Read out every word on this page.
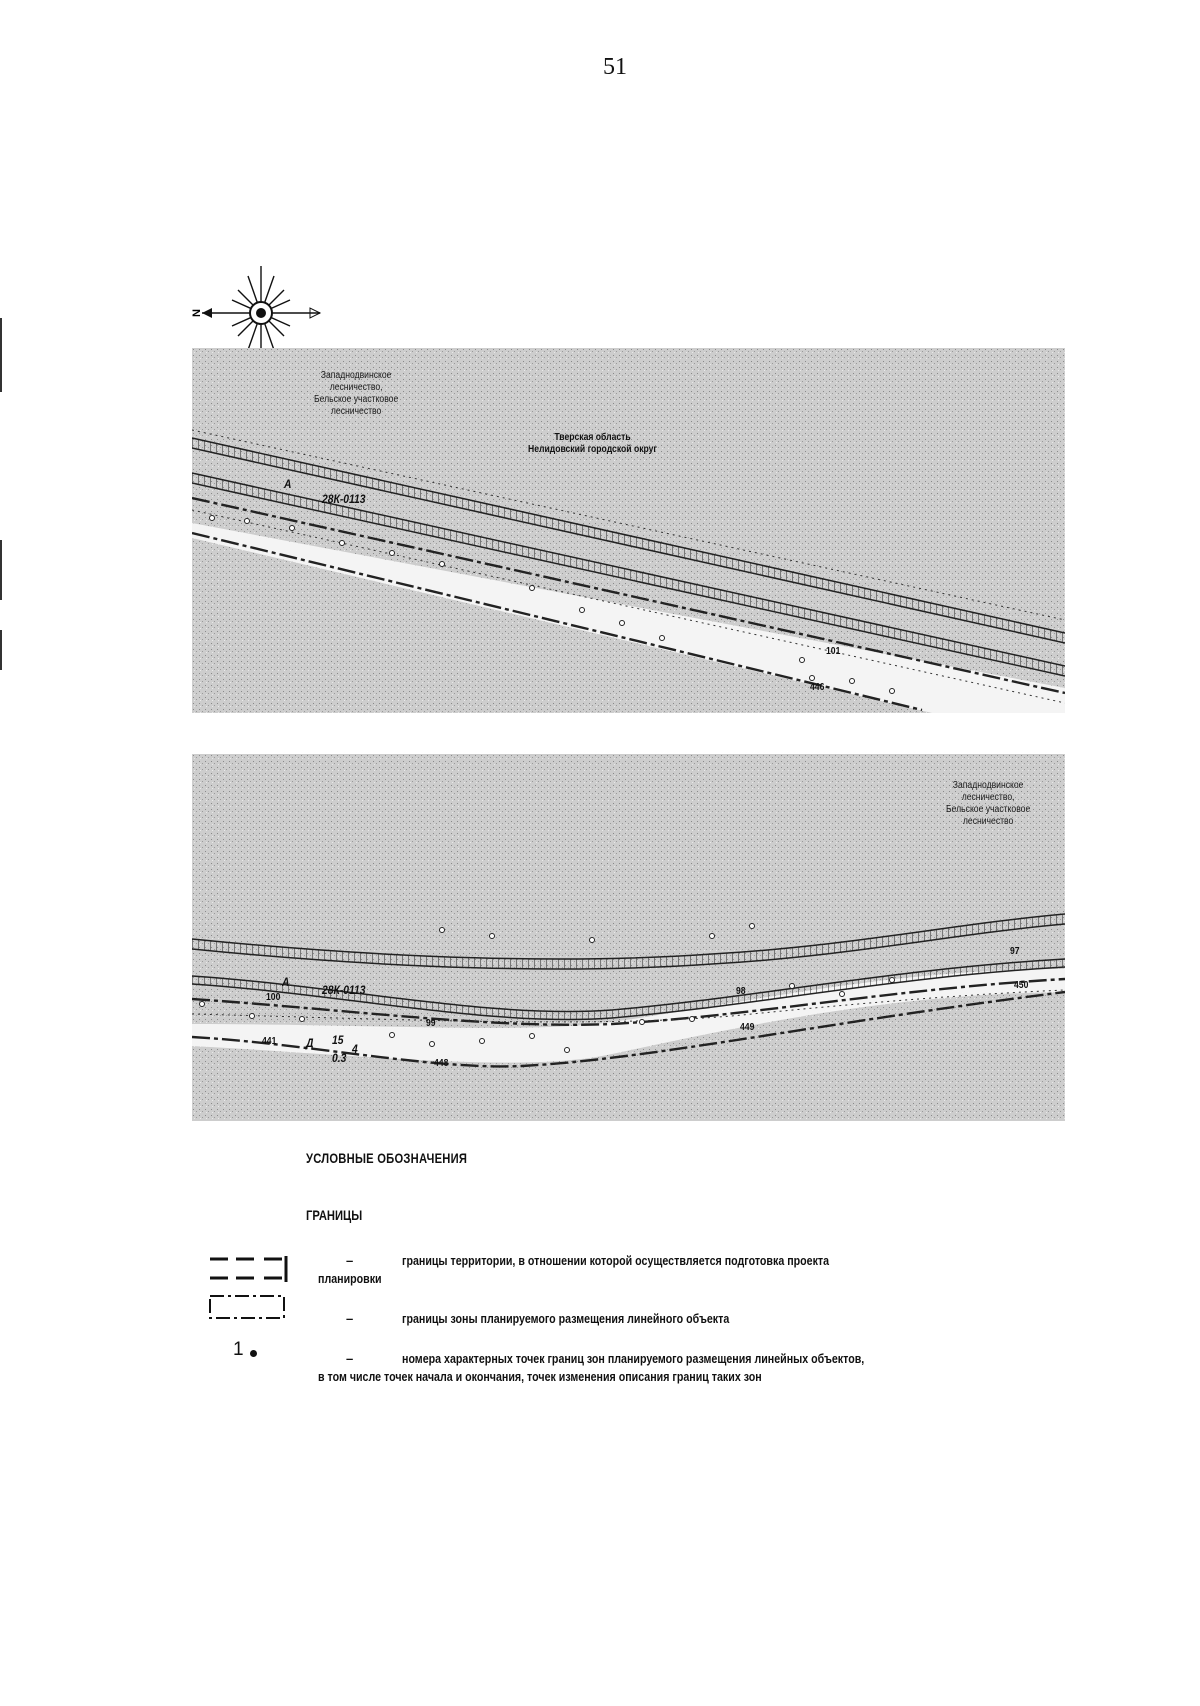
51
N
Западнодвинское
лесничество,
Бельское участковое
лесничество
Тверская область
Нелидовский городской округ
А
28К-0113
101
446
Западнодвинское
лесничество,
Бельское участковое
лесничество
А
28К-0113
100
99
98
97
441
448
449
450
Д 15
4
0.3
УСЛОВНЫЕ ОБОЗНАЧЕНИЯ
ГРАНИЦЫ
–	границы территории, в отношении которой осуществляется подготовка проекта
планировки
–	границы зоны планируемого размещения линейного объекта
1	–	номера характерных точек границ зон планируемого размещения линейных объектов,
в том числе точек начала и окончания, точек изменения описания границ таких зон
